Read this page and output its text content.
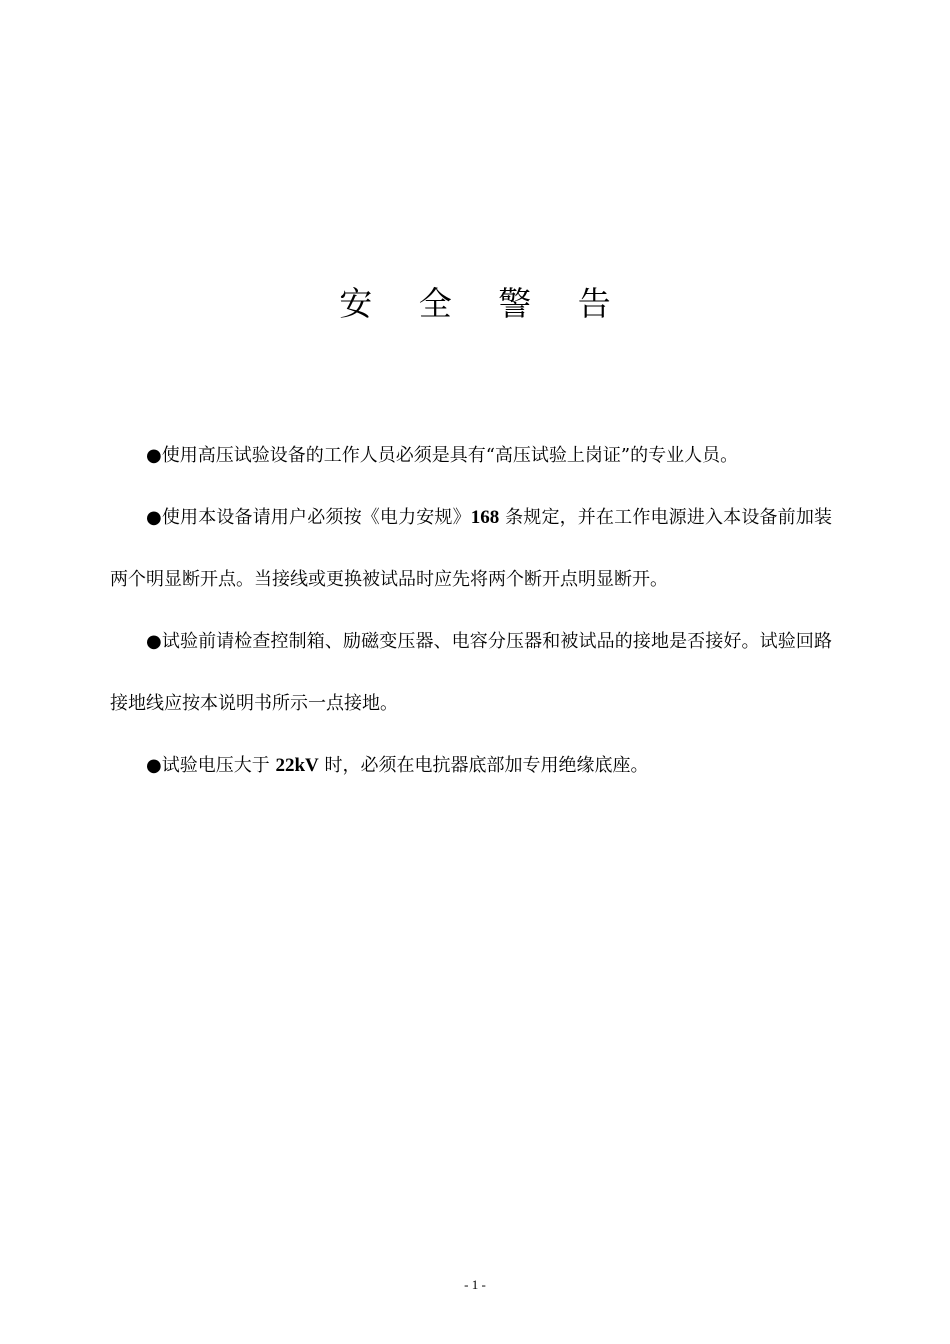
安 全 警 告
●使用高压试验设备的工作人员必须是具有“高压试验上岗证”的专业人员。
●使用本设备请用户必须按《电力安规》168 条规定，并在工作电源进入本设备前加装两个明显断开点。当接线或更换被试品时应先将两个断开点明显断开。
●试验前请检查控制箱、励磁变压器、电容分压器和被试品的接地是否接好。试验回路接地线应按本说明书所示一点接地。
●试验电压大于 22kV 时，必须在电抗器底部加专用绝缘底座。
- 1 -
